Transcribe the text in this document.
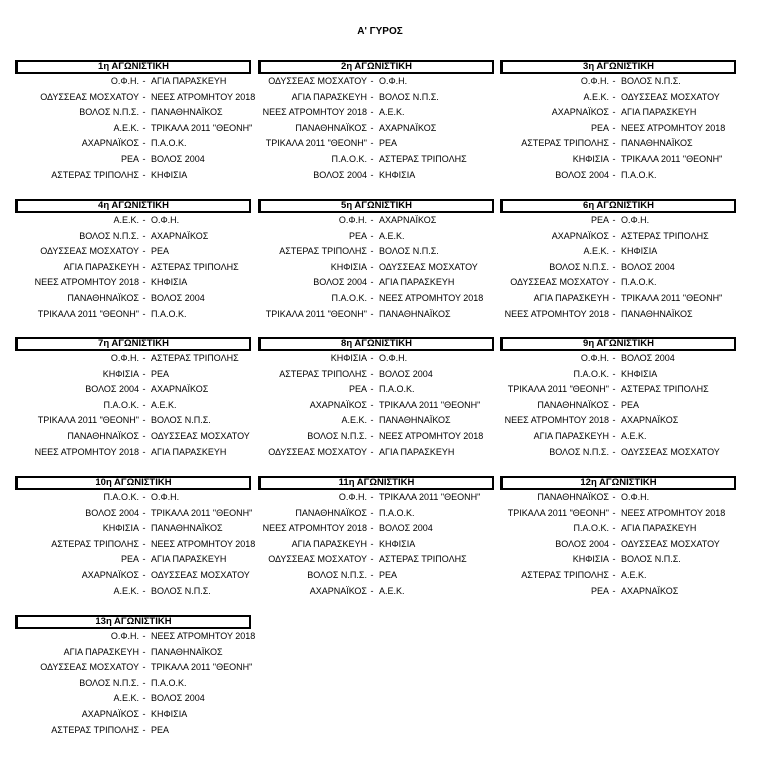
Α' ΓΥΡΟΣ
1η ΑΓΩΝΙΣΤΙΚΗ
Ο.Φ.Η. - ΑΓΙΑ ΠΑΡΑΣΚΕΥΗ
ΟΔΥΣΣΕΑΣ ΜΟΣΧΑΤΟΥ - ΝΕΕΣ ΑΤΡΟΜΗΤΟΥ 2018
ΒΟΛΟΣ Ν.Π.Σ. - ΠΑΝΑΘΗΝΑΪΚΟΣ
Α.Ε.Κ. - ΤΡΙΚΑΛΑ 2011 "ΘΕΟΝΗ"
ΑΧΑΡΝΑΪΚΟΣ - Π.Α.Ο.Κ.
ΡΕΑ - ΒΟΛΟΣ 2004
ΑΣΤΕΡΑΣ ΤΡΙΠΟΛΗΣ - ΚΗΦΙΣΙΑ
2η ΑΓΩΝΙΣΤΙΚΗ
ΟΔΥΣΣΕΑΣ ΜΟΣΧΑΤΟΥ - Ο.Φ.Η.
ΑΓΙΑ ΠΑΡΑΣΚΕΥΗ - ΒΟΛΟΣ Ν.Π.Σ.
ΝΕΕΣ ΑΤΡΟΜΗΤΟΥ 2018 - Α.Ε.Κ.
ΠΑΝΑΘΗΝΑΪΚΟΣ - ΑΧΑΡΝΑΪΚΟΣ
ΤΡΙΚΑΛΑ 2011 "ΘΕΟΝΗ" - ΡΕΑ
Π.Α.Ο.Κ. - ΑΣΤΕΡΑΣ ΤΡΙΠΟΛΗΣ
ΒΟΛΟΣ 2004 - ΚΗΦΙΣΙΑ
3η ΑΓΩΝΙΣΤΙΚΗ
Ο.Φ.Η. - ΒΟΛΟΣ Ν.Π.Σ.
Α.Ε.Κ. - ΟΔΥΣΣΕΑΣ ΜΟΣΧΑΤΟΥ
ΑΧΑΡΝΑΪΚΟΣ - ΑΓΙΑ ΠΑΡΑΣΚΕΥΗ
ΡΕΑ - ΝΕΕΣ ΑΤΡΟΜΗΤΟΥ 2018
ΑΣΤΕΡΑΣ ΤΡΙΠΟΛΗΣ - ΠΑΝΑΘΗΝΑΪΚΟΣ
ΚΗΦΙΣΙΑ - ΤΡΙΚΑΛΑ 2011 "ΘΕΟΝΗ"
ΒΟΛΟΣ 2004 - Π.Α.Ο.Κ.
4η ΑΓΩΝΙΣΤΙΚΗ
Α.Ε.Κ. - Ο.Φ.Η.
ΒΟΛΟΣ Ν.Π.Σ. - ΑΧΑΡΝΑΪΚΟΣ
ΟΔΥΣΣΕΑΣ ΜΟΣΧΑΤΟΥ - ΡΕΑ
ΑΓΙΑ ΠΑΡΑΣΚΕΥΗ - ΑΣΤΕΡΑΣ ΤΡΙΠΟΛΗΣ
ΝΕΕΣ ΑΤΡΟΜΗΤΟΥ 2018 - ΚΗΦΙΣΙΑ
ΠΑΝΑΘΗΝΑΪΚΟΣ - ΒΟΛΟΣ 2004
ΤΡΙΚΑΛΑ 2011 "ΘΕΟΝΗ" - Π.Α.Ο.Κ.
5η ΑΓΩΝΙΣΤΙΚΗ
Ο.Φ.Η. - ΑΧΑΡΝΑΪΚΟΣ
ΡΕΑ - Α.Ε.Κ.
ΑΣΤΕΡΑΣ ΤΡΙΠΟΛΗΣ - ΒΟΛΟΣ Ν.Π.Σ.
ΚΗΦΙΣΙΑ - ΟΔΥΣΣΕΑΣ ΜΟΣΧΑΤΟΥ
ΒΟΛΟΣ 2004 - ΑΓΙΑ ΠΑΡΑΣΚΕΥΗ
Π.Α.Ο.Κ. - ΝΕΕΣ ΑΤΡΟΜΗΤΟΥ 2018
ΤΡΙΚΑΛΑ 2011 "ΘΕΟΝΗ" - ΠΑΝΑΘΗΝΑΪΚΟΣ
6η ΑΓΩΝΙΣΤΙΚΗ
ΡΕΑ - Ο.Φ.Η.
ΑΧΑΡΝΑΪΚΟΣ - ΑΣΤΕΡΑΣ ΤΡΙΠΟΛΗΣ
Α.Ε.Κ. - ΚΗΦΙΣΙΑ
ΒΟΛΟΣ Ν.Π.Σ. - ΒΟΛΟΣ 2004
ΟΔΥΣΣΕΑΣ ΜΟΣΧΑΤΟΥ - Π.Α.Ο.Κ.
ΑΓΙΑ ΠΑΡΑΣΚΕΥΗ - ΤΡΙΚΑΛΑ 2011 "ΘΕΟΝΗ"
ΝΕΕΣ ΑΤΡΟΜΗΤΟΥ 2018 - ΠΑΝΑΘΗΝΑΪΚΟΣ
7η ΑΓΩΝΙΣΤΙΚΗ
Ο.Φ.Η. - ΑΣΤΕΡΑΣ ΤΡΙΠΟΛΗΣ
ΚΗΦΙΣΙΑ - ΡΕΑ
ΒΟΛΟΣ 2004 - ΑΧΑΡΝΑΪΚΟΣ
Π.Α.Ο.Κ. - Α.Ε.Κ.
ΤΡΙΚΑΛΑ 2011 "ΘΕΟΝΗ" - ΒΟΛΟΣ Ν.Π.Σ.
ΠΑΝΑΘΗΝΑΪΚΟΣ - ΟΔΥΣΣΕΑΣ ΜΟΣΧΑΤΟΥ
ΝΕΕΣ ΑΤΡΟΜΗΤΟΥ 2018 - ΑΓΙΑ ΠΑΡΑΣΚΕΥΗ
8η ΑΓΩΝΙΣΤΙΚΗ
ΚΗΦΙΣΙΑ - Ο.Φ.Η.
ΑΣΤΕΡΑΣ ΤΡΙΠΟΛΗΣ - ΒΟΛΟΣ 2004
ΡΕΑ - Π.Α.Ο.Κ.
ΑΧΑΡΝΑΪΚΟΣ - ΤΡΙΚΑΛΑ 2011 "ΘΕΟΝΗ"
Α.Ε.Κ. - ΠΑΝΑΘΗΝΑΪΚΟΣ
ΒΟΛΟΣ Ν.Π.Σ. - ΝΕΕΣ ΑΤΡΟΜΗΤΟΥ 2018
ΟΔΥΣΣΕΑΣ ΜΟΣΧΑΤΟΥ - ΑΓΙΑ ΠΑΡΑΣΚΕΥΗ
9η ΑΓΩΝΙΣΤΙΚΗ
Ο.Φ.Η. - ΒΟΛΟΣ 2004
Π.Α.Ο.Κ. - ΚΗΦΙΣΙΑ
ΤΡΙΚΑΛΑ 2011 "ΘΕΟΝΗ" - ΑΣΤΕΡΑΣ ΤΡΙΠΟΛΗΣ
ΠΑΝΑΘΗΝΑΪΚΟΣ - ΡΕΑ
ΝΕΕΣ ΑΤΡΟΜΗΤΟΥ 2018 - ΑΧΑΡΝΑΪΚΟΣ
ΑΓΙΑ ΠΑΡΑΣΚΕΥΗ - Α.Ε.Κ.
ΒΟΛΟΣ Ν.Π.Σ. - ΟΔΥΣΣΕΑΣ ΜΟΣΧΑΤΟΥ
10η ΑΓΩΝΙΣΤΙΚΗ
Π.Α.Ο.Κ. - Ο.Φ.Η.
ΒΟΛΟΣ 2004 - ΤΡΙΚΑΛΑ 2011 "ΘΕΟΝΗ"
ΚΗΦΙΣΙΑ - ΠΑΝΑΘΗΝΑΪΚΟΣ
ΑΣΤΕΡΑΣ ΤΡΙΠΟΛΗΣ - ΝΕΕΣ ΑΤΡΟΜΗΤΟΥ 2018
ΡΕΑ - ΑΓΙΑ ΠΑΡΑΣΚΕΥΗ
ΑΧΑΡΝΑΪΚΟΣ - ΟΔΥΣΣΕΑΣ ΜΟΣΧΑΤΟΥ
Α.Ε.Κ. - ΒΟΛΟΣ Ν.Π.Σ.
11η ΑΓΩΝΙΣΤΙΚΗ
Ο.Φ.Η. - ΤΡΙΚΑΛΑ 2011 "ΘΕΟΝΗ"
ΠΑΝΑΘΗΝΑΪΚΟΣ - Π.Α.Ο.Κ.
ΝΕΕΣ ΑΤΡΟΜΗΤΟΥ 2018 - ΒΟΛΟΣ 2004
ΑΓΙΑ ΠΑΡΑΣΚΕΥΗ - ΚΗΦΙΣΙΑ
ΟΔΥΣΣΕΑΣ ΜΟΣΧΑΤΟΥ - ΑΣΤΕΡΑΣ ΤΡΙΠΟΛΗΣ
ΒΟΛΟΣ Ν.Π.Σ. - ΡΕΑ
ΑΧΑΡΝΑΪΚΟΣ - Α.Ε.Κ.
12η ΑΓΩΝΙΣΤΙΚΗ
ΠΑΝΑΘΗΝΑΪΚΟΣ - Ο.Φ.Η.
ΤΡΙΚΑΛΑ 2011 "ΘΕΟΝΗ" - ΝΕΕΣ ΑΤΡΟΜΗΤΟΥ 2018
Π.Α.Ο.Κ. - ΑΓΙΑ ΠΑΡΑΣΚΕΥΗ
ΒΟΛΟΣ 2004 - ΟΔΥΣΣΕΑΣ ΜΟΣΧΑΤΟΥ
ΚΗΦΙΣΙΑ - ΒΟΛΟΣ Ν.Π.Σ.
ΑΣΤΕΡΑΣ ΤΡΙΠΟΛΗΣ - Α.Ε.Κ.
ΡΕΑ - ΑΧΑΡΝΑΪΚΟΣ
13η ΑΓΩΝΙΣΤΙΚΗ
Ο.Φ.Η. - ΝΕΕΣ ΑΤΡΟΜΗΤΟΥ 2018
ΑΓΙΑ ΠΑΡΑΣΚΕΥΗ - ΠΑΝΑΘΗΝΑΪΚΟΣ
ΟΔΥΣΣΕΑΣ ΜΟΣΧΑΤΟΥ - ΤΡΙΚΑΛΑ 2011 "ΘΕΟΝΗ"
ΒΟΛΟΣ Ν.Π.Σ. - Π.Α.Ο.Κ.
Α.Ε.Κ. - ΒΟΛΟΣ 2004
ΑΧΑΡΝΑΪΚΟΣ - ΚΗΦΙΣΙΑ
ΑΣΤΕΡΑΣ ΤΡΙΠΟΛΗΣ - ΡΕΑ
